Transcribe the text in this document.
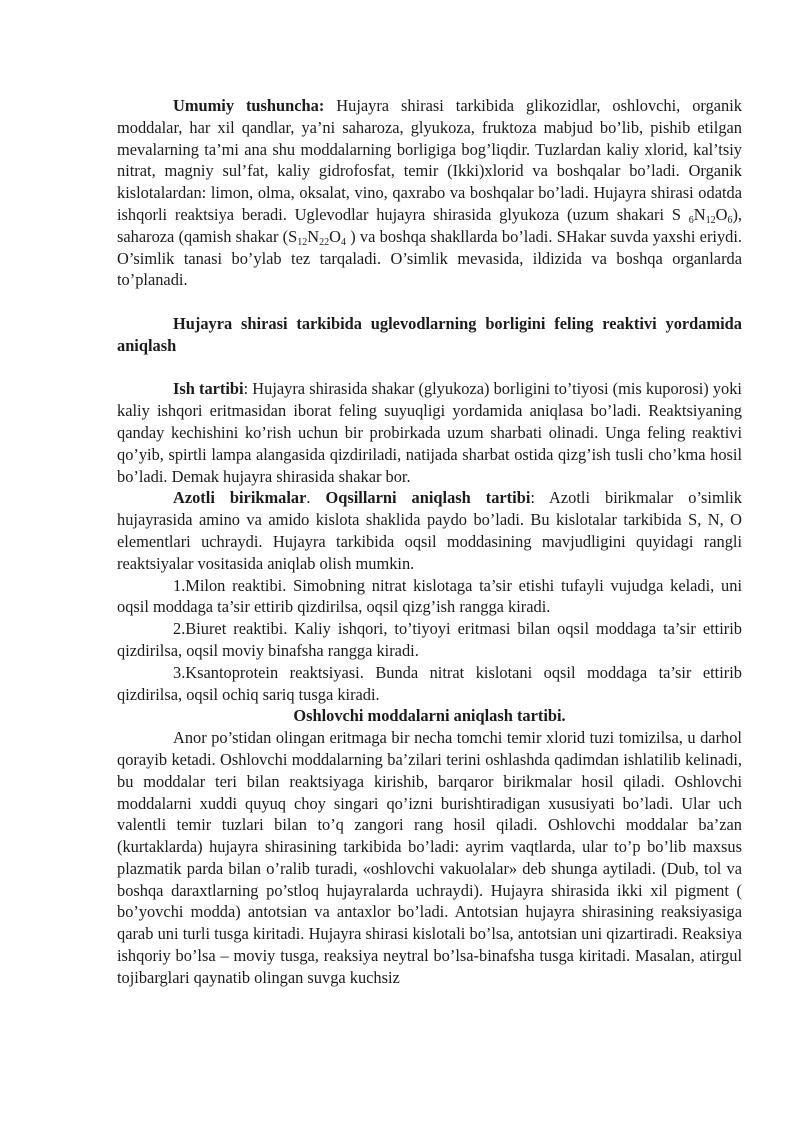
Umumiy tushuncha: Hujayra shirasi tarkibida glikozidlar, oshlovchi, organik moddalar, har xil qandlar, ya’ni saharoza, glyukoza, fruktoza mabjud bo’lib, pishib etilgan mevalarning ta’mi ana shu moddalarning borligiga bog’liqdir. Tuzlardan kaliy xlorid, kal’tsiy nitrat, magniy sul’fat, kaliy gidrofosfat, temir (Ikki)xlorid va boshqalar bo’ladi. Organik kislotalardan: limon, olma, oksalat, vino, qaxrabo va boshqalar bo’ladi. Hujayra shirasi odatda ishqorli reaktsiya beradi. Uglevodlar hujayra shirasida glyukoza (uzum shakari S $_6N_{12}O_6$), saharoza (qamish shakar ($S_{12}N_{22}O_4$ ) va boshqa shakllarda bo’ladi. SHakar suvda yaxshi eriydi. O’simlik tanasi bo’ylab tez tarqaladi. O’simlik mevasida, ildizida va boshqa organlarda to’planadi.

Hujayra shirasi tarkibida uglevodlarning borligini feling reaktivi yordamida aniqlash

Ish tartibi: Hujayra shirasida shakar (glyukoza) borligini to’tiyosi (mis kuporosi) yoki kaliy ishqori eritmasidan iborat feling suyuqligi yordamida aniqlasa bo’ladi. Reaktsiyaning qanday kechishini ko’rish uchun bir probirkada uzum sharbati olinadi. Unga feling reaktivi qo’yib, spirtli lampa alangasida qizdiriladi, natijada sharbat ostida qizg’ish tusli cho’kma hosil bo’ladi. Demak hujayra shirasida shakar bor.

Azotli birikmalar. Oqsillarni aniqlash tartibi: Azotli birikmalar o’simlik hujayrasida amino va amido kislota shaklida paydo bo’ladi. Bu kislotalar tarkibida S, N, O elementlari uchraydi. Hujayra tarkibida oqsil moddasining mavjudligini quyidagi rangli reaktsiyalar vositasida aniqlab olish mumkin.

1.Milon reaktibi. Simobning nitrat kislotaga ta’sir etishi tufayli vujudga keladi, uni oqsil moddaga ta’sir ettirib qizdirilsa, oqsil qizg’ish rangga kiradi.

2.Biuret reaktibi. Kaliy ishqori, to’tiyoyi eritmasi bilan oqsil moddaga ta’sir ettirib qizdirilsa, oqsil moviy binafsha rangga kiradi.

3.Ksantoprotein reaktsiyasi. Bunda nitrat kislotani oqsil moddaga ta’sir ettirib qizdirilsa, oqsil ochiq sariq tusga kiradi.

Oshlovchi moddalarni aniqlash tartibi.

Anor po’stidan olingan eritmaga bir necha tomchi temir xlorid tuzi tomizilsa, u darhol qorayib ketadi. Oshlovchi moddalarning ba’zilari terini oshlashda qadimdan ishlatilib kelinadi, bu moddalar teri bilan reaktsiyaga kirishib, barqaror birikmalar hosil qiladi. Oshlovchi moddalarni xuddi quyuq choy singari qo’izni burishtiradigan xususiyati bo’ladi. Ular uch valentli temir tuzlari bilan to’q zangori rang hosil qiladi. Oshlovchi moddalar ba’zan (kurtaklarda) hujayra shirasining tarkibida bo’ladi: ayrim vaqtlarda, ular to’p bo’lib maxsus plazmatik parda bilan o’ralib turadi, «oshlovchi vakuolalar» deb shunga aytiladi. (Dub, tol va boshqa daraxtlarning po’stloq hujayralarda uchraydi). Hujayra shirasida ikki xil pigment ( bo’yovchi modda) antotsian va antaxlor bo’ladi. Antotsian hujayra shirasining reaksiyasiga qarab uni turli tusga kiritadi. Hujayra shirasi kislotali bo’lsa, antotsian uni qizartiradi. Reaksiya ishqoriy bo’lsa – moviy tusga, reaksiya neytral bo’lsa-binafsha tusga kiritadi. Masalan, atirgul tojibarglari qaynatib olingan suvga kuchsiz
